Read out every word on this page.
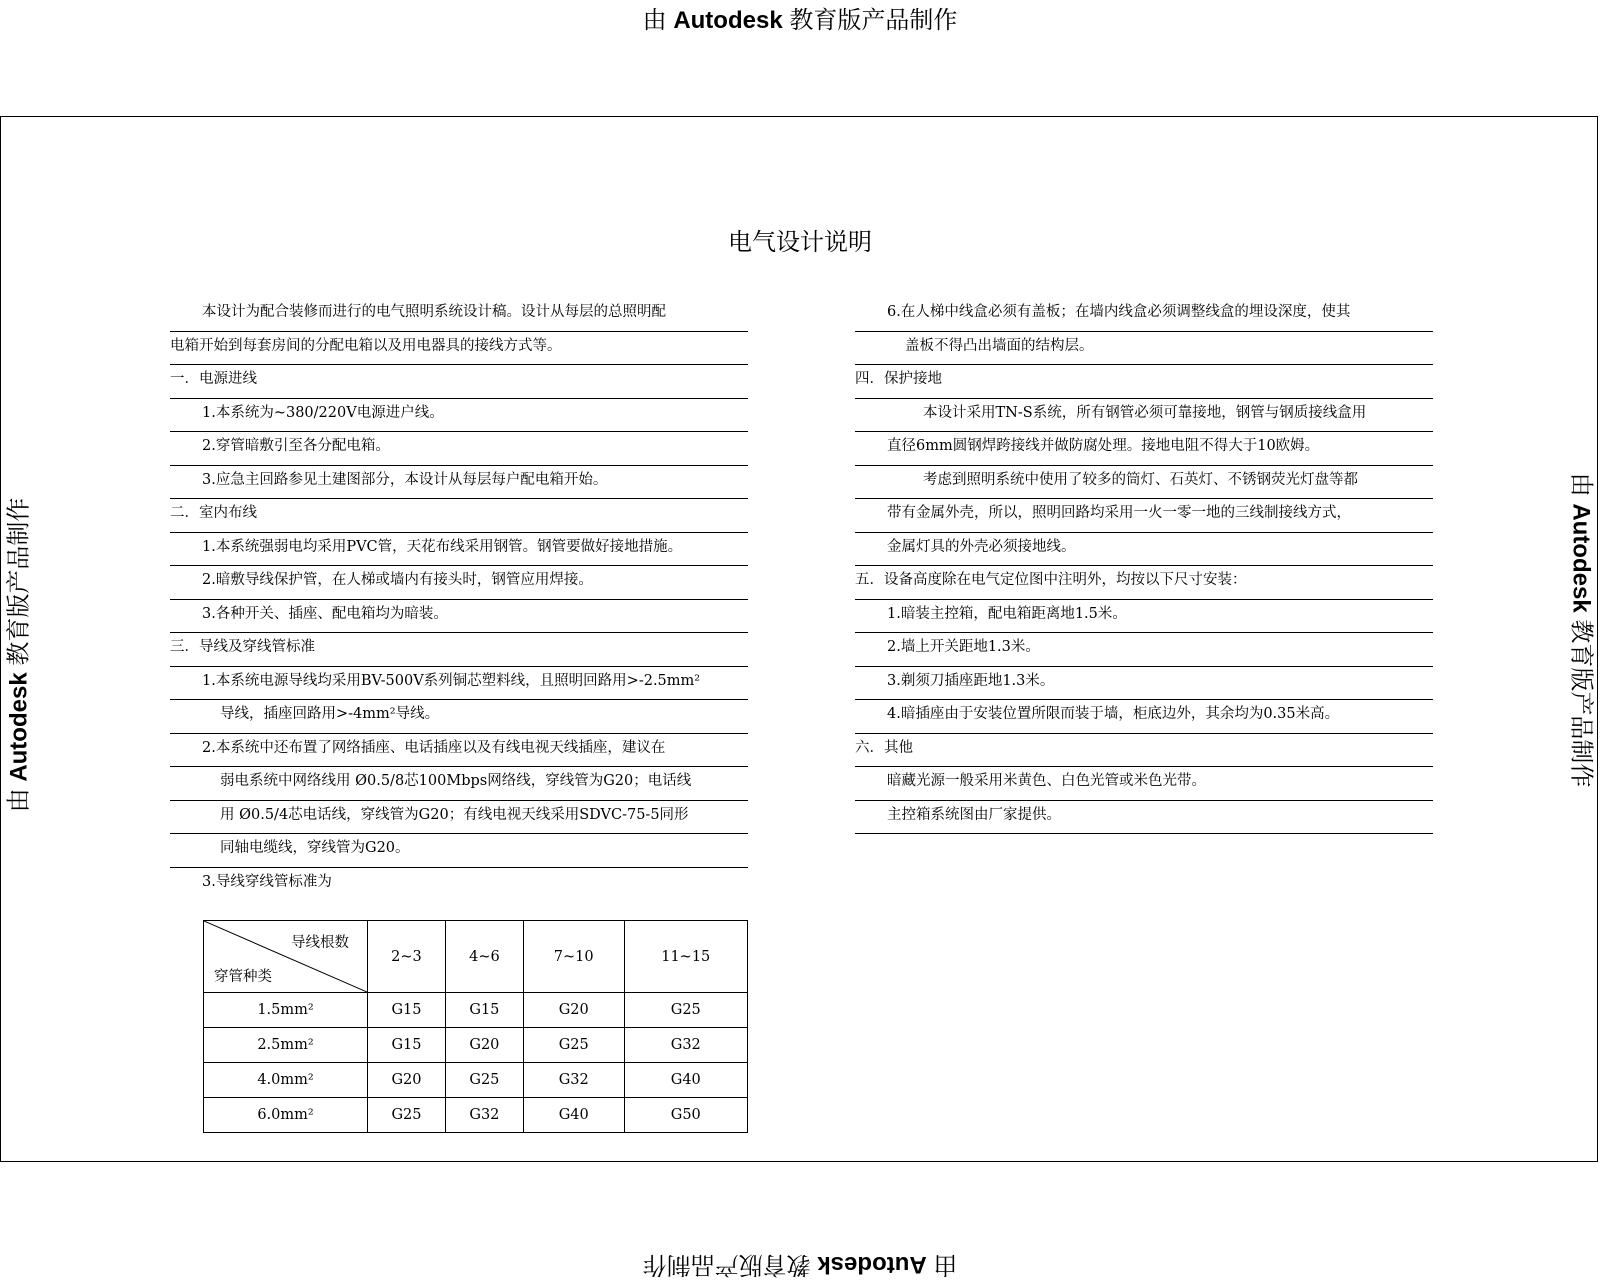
由 Autodesk 教育版产品制作
由 Autodesk 教育版产品制作
由 Autodesk 教育版产品制作
由 Autodesk 教育版产品制作
电气设计说明
本设计为配合装修而进行的电气照明系统设计稿。设计从每层的总照明配
电箱开始到每套房间的分配电箱以及用电器具的接线方式等。
一．电源进线
1.本系统为~380/220V电源进户线。
2.穿管暗敷引至各分配电箱。
3.应急主回路参见土建图部分，本设计从每层每户配电箱开始。
二．室内布线
1.本系统强弱电均采用PVC管，天花布线采用钢管。钢管要做好接地措施。
2.暗敷导线保护管，在人梯或墙内有接头时，钢管应用焊接。
3.各种开关、插座、配电箱均为暗装。
三．导线及穿线管标准
1.本系统电源导线均采用BV-500V系列铜芯塑料线，且照明回路用>-2.5mm²
导线，插座回路用>-4mm²导线。
2.本系统中还布置了网络插座、电话插座以及有线电视天线插座，建议在
弱电系统中网络线用 Ø0.5/8芯100Mbps网络线，穿线管为G20；电话线
用 Ø0.5/4芯电话线，穿线管为G20；有线电视天线采用SDVC-75-5同形
同轴电缆线，穿线管为G20。
3.导线穿线管标准为
6.在人梯中线盒必须有盖板；在墙内线盒必须调整线盒的埋设深度，使其
盖板不得凸出墙面的结构层。
四．保护接地
本设计采用TN-S系统，所有钢管必须可靠接地，钢管与钢质接线盒用
直径6mm圆钢焊跨接线并做防腐处理。接地电阻不得大于10欧姆。
考虑到照明系统中使用了较多的筒灯、石英灯、不锈钢荧光灯盘等都
带有金属外壳，所以，照明回路均采用一火一零一地的三线制接线方式，
金属灯具的外壳必须接地线。
五．设备高度除在电气定位图中注明外，均按以下尺寸安装：
1.暗装主控箱，配电箱距离地1.5米。
2.墙上开关距地1.3米。
3.剃须刀插座距地1.3米。
4.暗插座由于安装位置所限而装于墙，柜底边外，其余均为0.35米高。
六．其他
暗藏光源一般采用米黄色、白色光管或米色光带。
主控箱系统图由厂家提供。
导线根数
穿管种类	2~3	4~6	7~10	11~15
1.5mm²	G15	G15	G20	G25
2.5mm²	G15	G20	G25	G32
4.0mm²	G20	G25	G32	G40
6.0mm²	G25	G32	G40	G50
